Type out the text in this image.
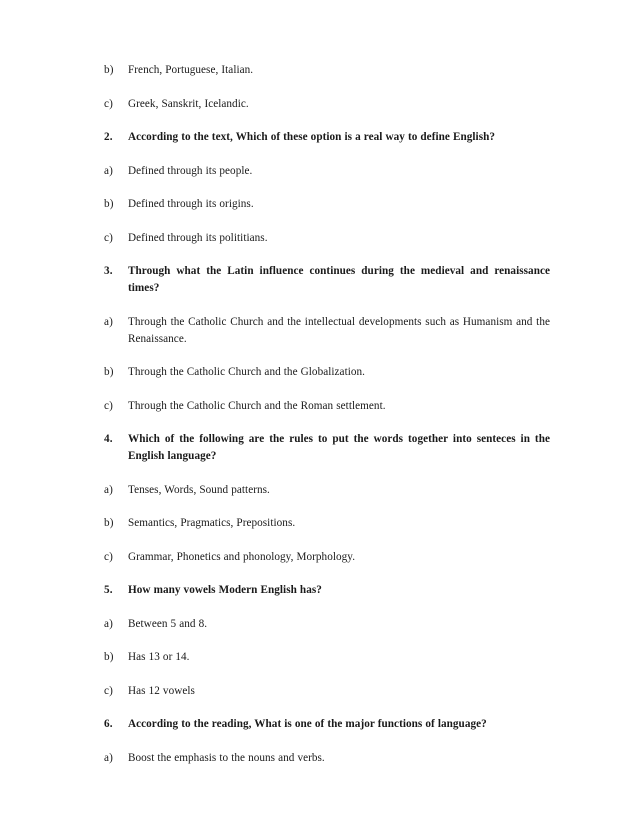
b)	French, Portuguese, Italian.
c)	Greek, Sanskrit, Icelandic.
2.	According to the text, Which of these option is a real way to define English?
a)	Defined through its people.
b)	Defined through its origins.
c)	Defined through its polititians.
3.	Through what the Latin influence continues during the medieval and renaissance times?
a)	Through the Catholic Church and the intellectual developments such as Humanism and the Renaissance.
b)	Through the Catholic Church and the Globalization.
c)	Through the Catholic Church and the Roman settlement.
4.	Which of the following are the rules to put the words together into senteces in the English language?
a)	Tenses, Words, Sound patterns.
b)	Semantics, Pragmatics, Prepositions.
c)	Grammar, Phonetics and phonology, Morphology.
5.	How many vowels Modern English has?
a)	Between 5 and 8.
b)	Has 13 or 14.
c)	Has 12 vowels
6.	According to the reading, What is one of the major functions of language?
a)	Boost the emphasis to the nouns and verbs.
